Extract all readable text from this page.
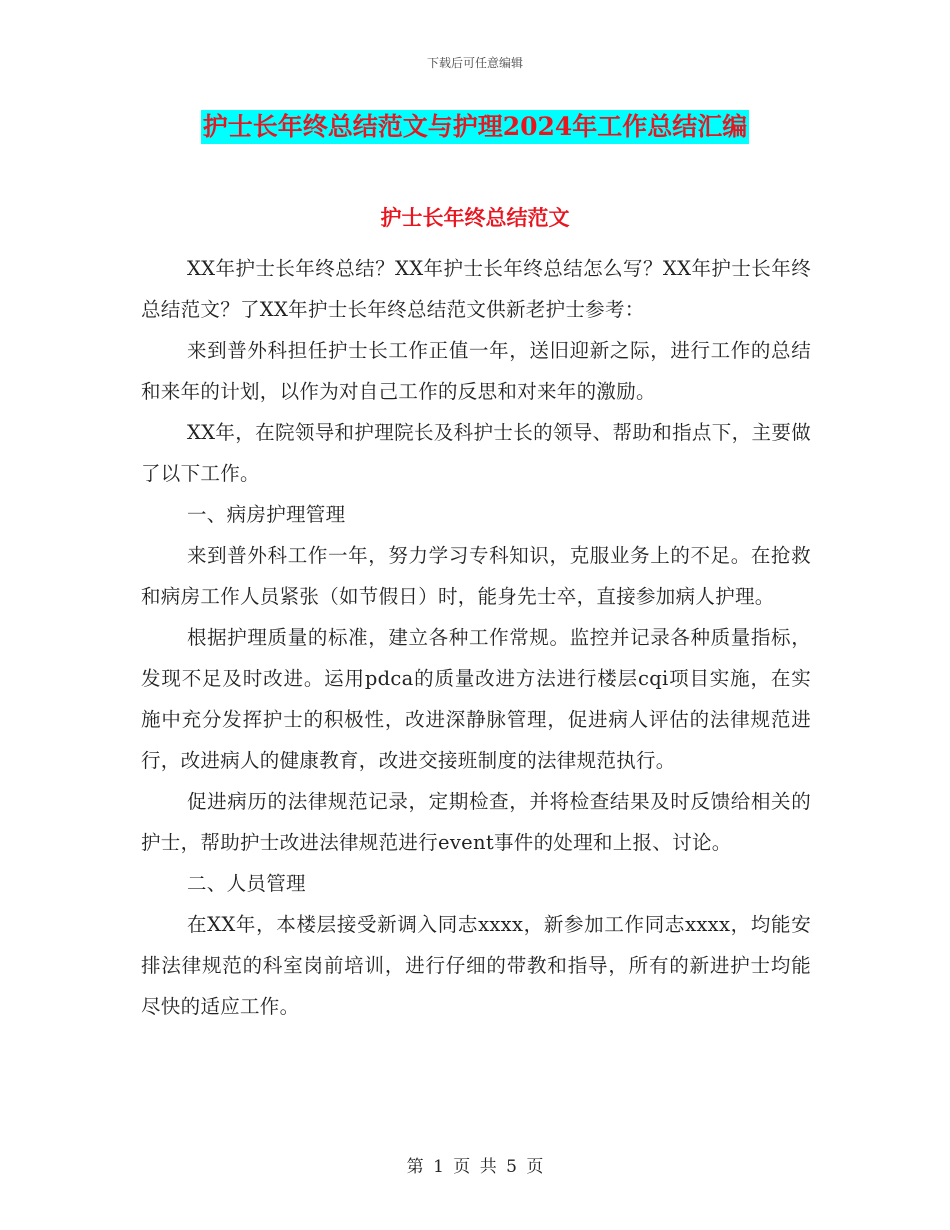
下载后可任意编辑
护士长年终总结范文与护理2024年工作总结汇编
护士长年终总结范文

XX年护士长年终总结？XX年护士长年终总结怎么写？XX年护士长年终总结范文？了XX年护士长年终总结范文供新老护士参考：

来到普外科担任护士长工作正值一年，送旧迎新之际，进行工作的总结和来年的计划，以作为对自己工作的反思和对来年的激励。

XX年，在院领导和护理院长及科护士长的领导、帮助和指点下，主要做了以下工作。

一、病房护理管理

来到普外科工作一年，努力学习专科知识，克服业务上的不足。在抢救和病房工作人员紧张（如节假日）时，能身先士卒，直接参加病人护理。

根据护理质量的标准，建立各种工作常规。监控并记录各种质量指标，发现不足及时改进。运用pdca的质量改进方法进行楼层cqi项目实施，在实施中充分发挥护士的积极性，改进深静脉管理，促进病人评估的法律规范进行，改进病人的健康教育，改进交接班制度的法律规范执行。

促进病历的法律规范记录，定期检查，并将检查结果及时反馈给相关的护士，帮助护士改进法律规范进行event事件的处理和上报、讨论。

二、人员管理

在XX年，本楼层接受新调入同志xxxx，新参加工作同志xxxx，均能安排法律规范的科室岗前培训，进行仔细的带教和指导，所有的新进护士均能尽快的适应工作。

第 1 页 共 5 页
